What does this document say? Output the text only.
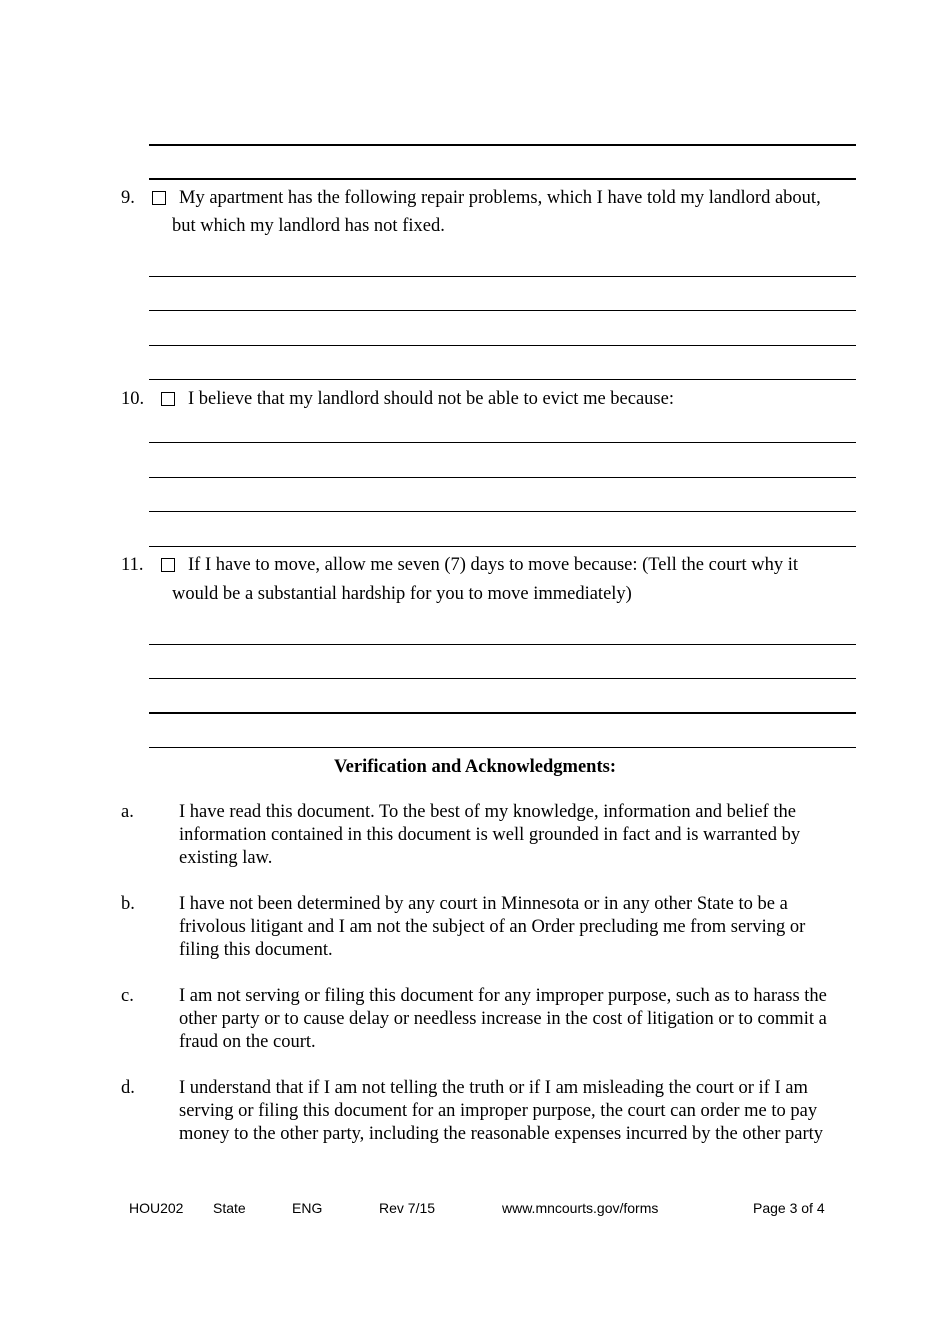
9. My apartment has the following repair problems, which I have told my landlord about,
but which my landlord has not fixed.
10. I believe that my landlord should not be able to evict me because:
11. If I have to move, allow me seven (7) days to move because: (Tell the court why it
would be a substantial hardship for you to move immediately)
Verification and Acknowledgments:
a. I have read this document. To the best of my knowledge, information and belief the
information contained in this document is well grounded in fact and is warranted by
existing law.
b. I have not been determined by any court in Minnesota or in any other State to be a
frivolous litigant and I am not the subject of an Order precluding me from serving or
filing this document.
c. I am not serving or filing this document for any improper purpose, such as to harass the
other party or to cause delay or needless increase in the cost of litigation or to commit a
fraud on the court.
d. I understand that if I am not telling the truth or if I am misleading the court or if I am
serving or filing this document for an improper purpose, the court can order me to pay
money to the other party, including the reasonable expenses incurred by the other party
HOU202 State	ENG	Rev 7/15	www.mncourts.gov/forms	Page 3 of 4
